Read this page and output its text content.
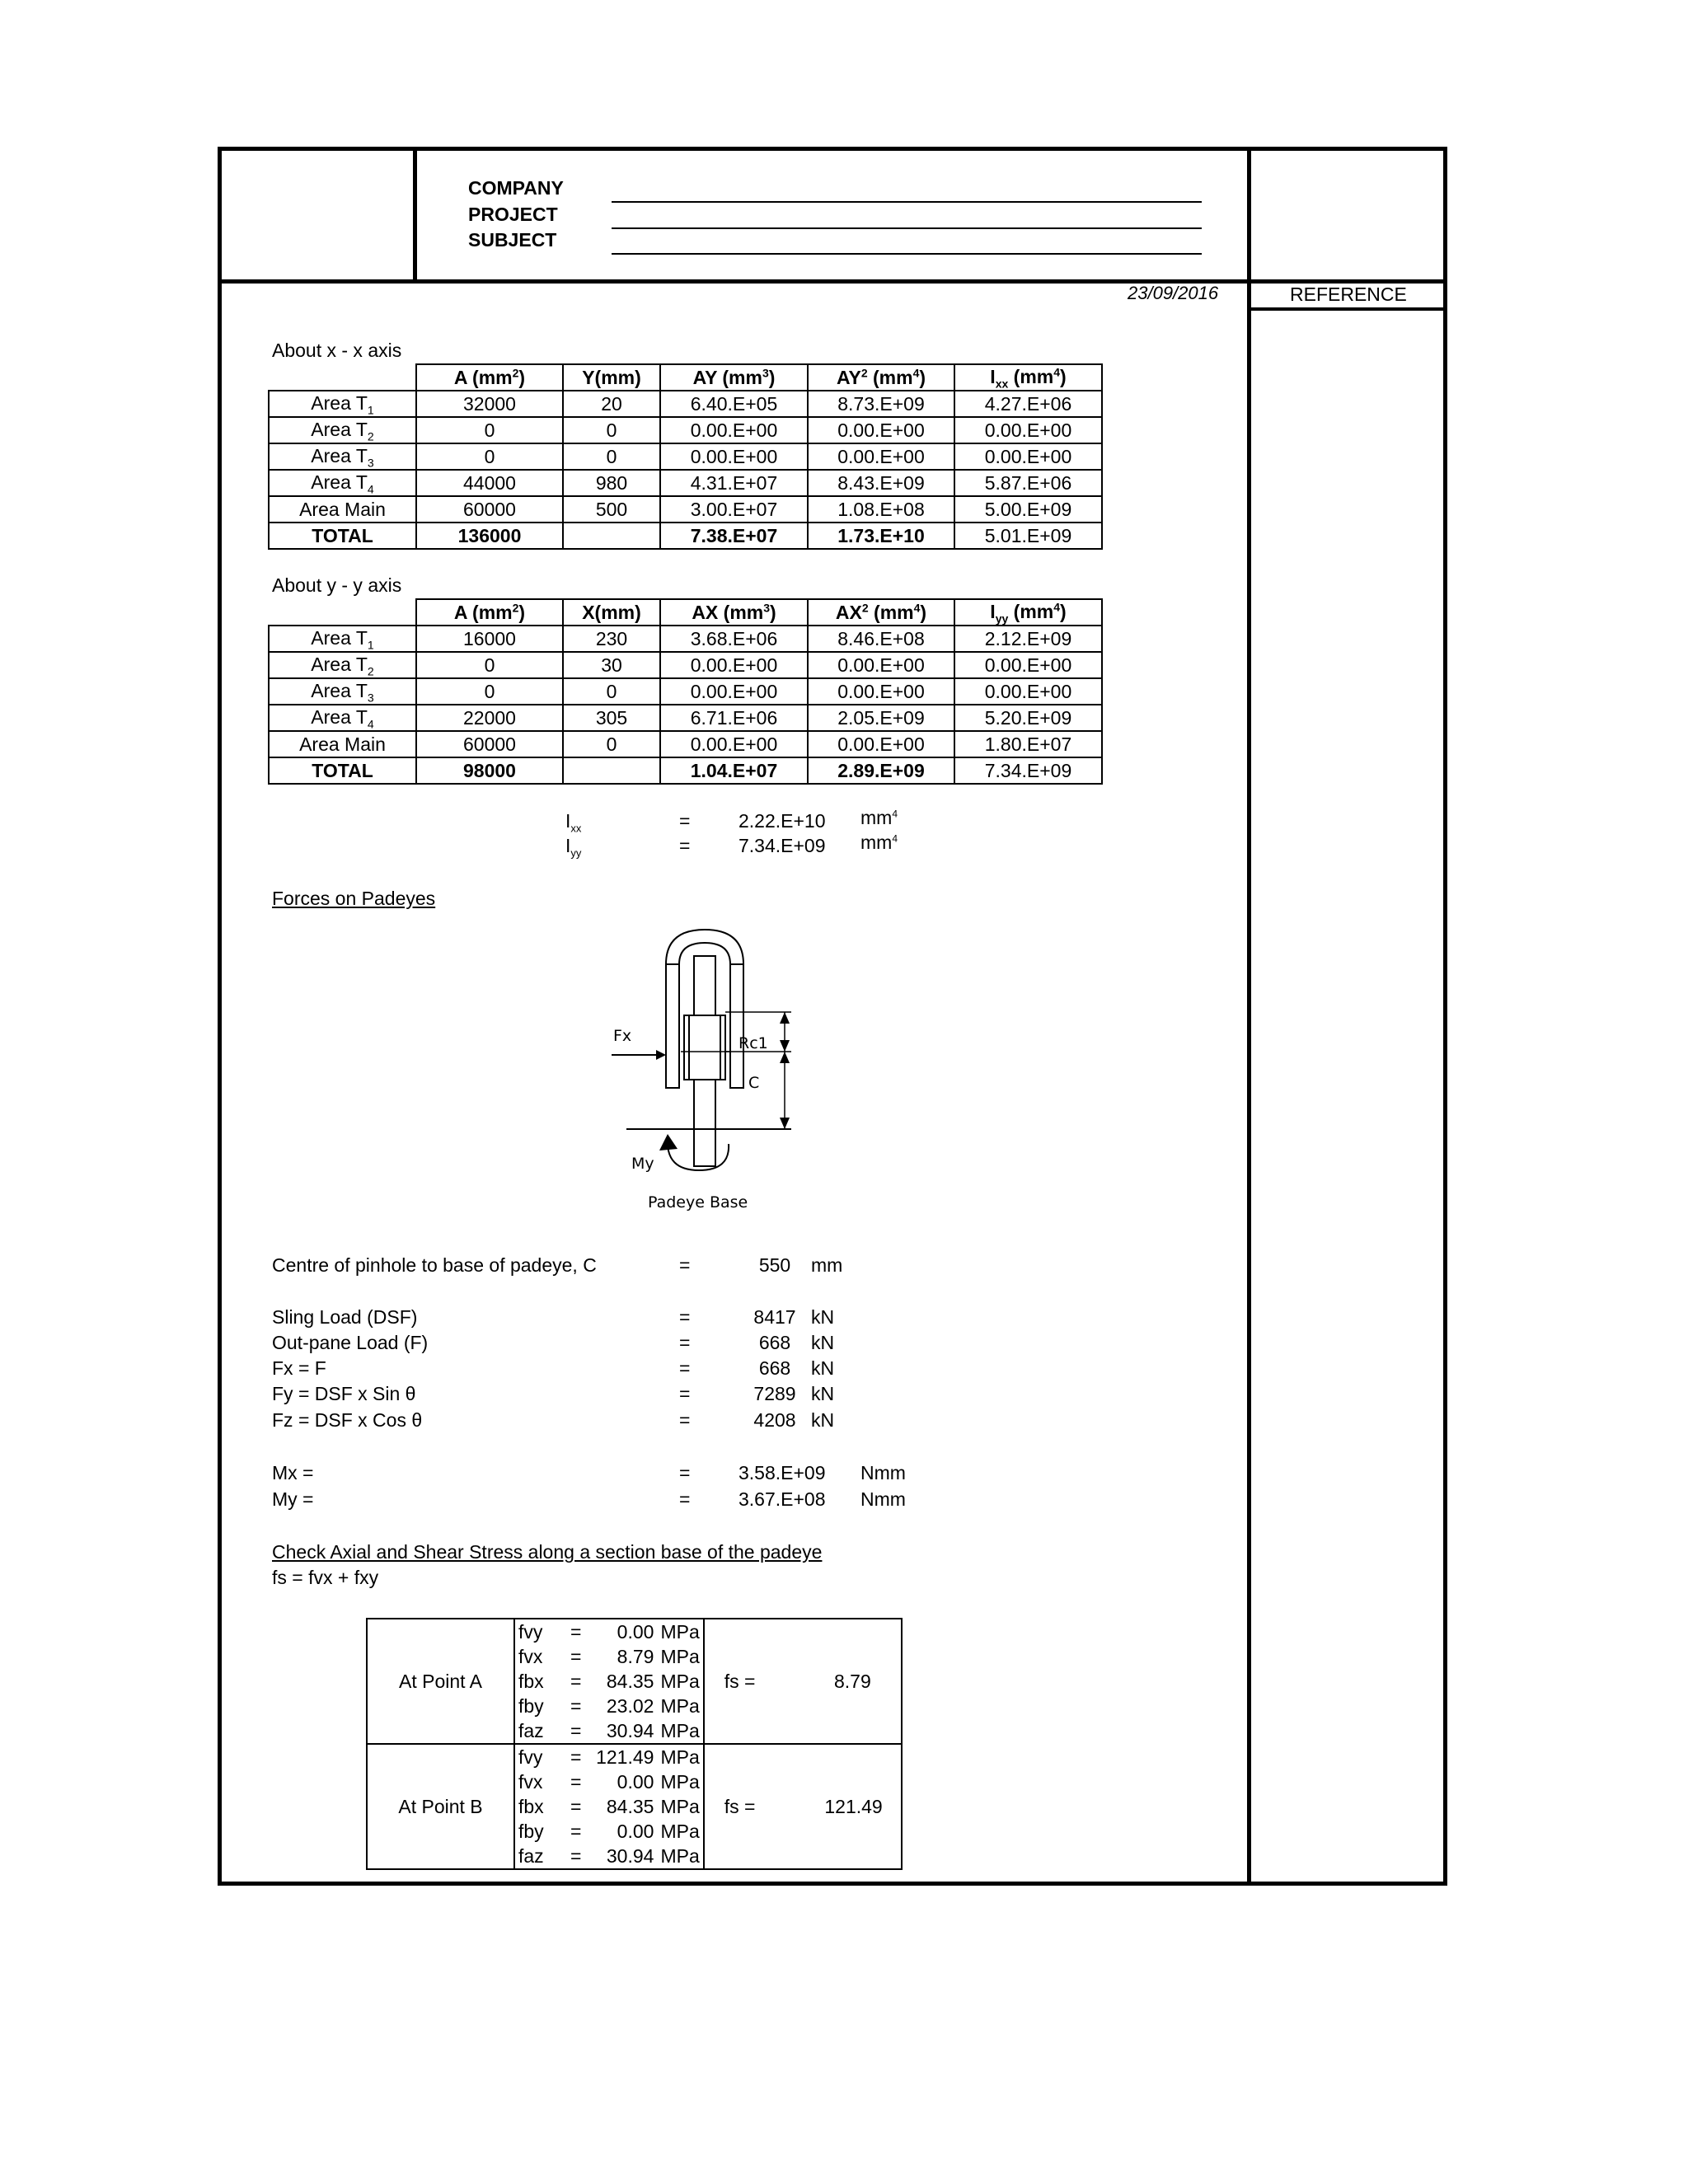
COMPANY
PROJECT
SUBJECT
23/09/2016	REFERENCE
About x - x axis
	A $(mm^2)$	Y(mm)	AY $(mm^3)$	$AY^2$ $(mm^4)$	$I_{xx}$ $(mm^4)$
Area $T_1$	32000	20	6.40.E+05	8.73.E+09	4.27.E+06
Area $T_2$	0	0	0.00.E+00	0.00.E+00	0.00.E+00
Area $T_3$	0	0	0.00.E+00	0.00.E+00	0.00.E+00
Area $T_4$	44000	980	4.31.E+07	8.43.E+09	5.87.E+06
Area Main	60000	500	3.00.E+07	1.08.E+08	5.00.E+09
TOTAL	136000		7.38.E+07	1.73.E+10	5.01.E+09
About y - y axis
	A $(mm^2)$	X(mm)	AX $(mm^3)$	$AX^2$ $(mm^4)$	$I_{yy}$ $(mm^4)$
Area $T_1$	16000	230	3.68.E+06	8.46.E+08	2.12.E+09
Area $T_2$	0	30	0.00.E+00	0.00.E+00	0.00.E+00
Area $T_3$	0	0	0.00.E+00	0.00.E+00	0.00.E+00
Area $T_4$	22000	305	6.71.E+06	2.05.E+09	5.20.E+09
Area Main	60000	0	0.00.E+00	0.00.E+00	1.80.E+07
TOTAL	98000		1.04.E+07	2.89.E+09	7.34.E+09
$I_{xx}$	=	2.22.E+10 $mm^4$
$I_{yy}$	=	7.34.E+09 $mm^4$
Forces on Padeyes
Fx	Rc1
C
My
Padeye Base
Centre of pinhole to base of padeye, C	=	550	mm
Sling Load (DSF)	=	8417 kN
Out-pane Load (F)	=	668	kN
Fx = F	=	668	kN
Fy = DSF x Sin θ	=	7289 kN
Fz = DSF x Cos θ	=	4208 kN
Mx =	=	3.58.E+09 Nmm
My =	=	3.67.E+08 Nmm
Check Axial and Shear Stress along a section base of the padeye
fs = fvx + fxy
At Point A	fvy	=	0.00	MPa	fs = 8.79

	fvx	=	8.79	MPa	
	fbx	=	84.35	MPa	
	fby	=	23.02	MPa	
	faz	=	30.94	MPa	
At Point B	fvy	=	121.49	MPa	fs = 121.49

	fvx	=	0.00	MPa	
	fbx	=	84.35	MPa	
	fby	=	0.00	MPa	
	faz	=	30.94	MPa	
